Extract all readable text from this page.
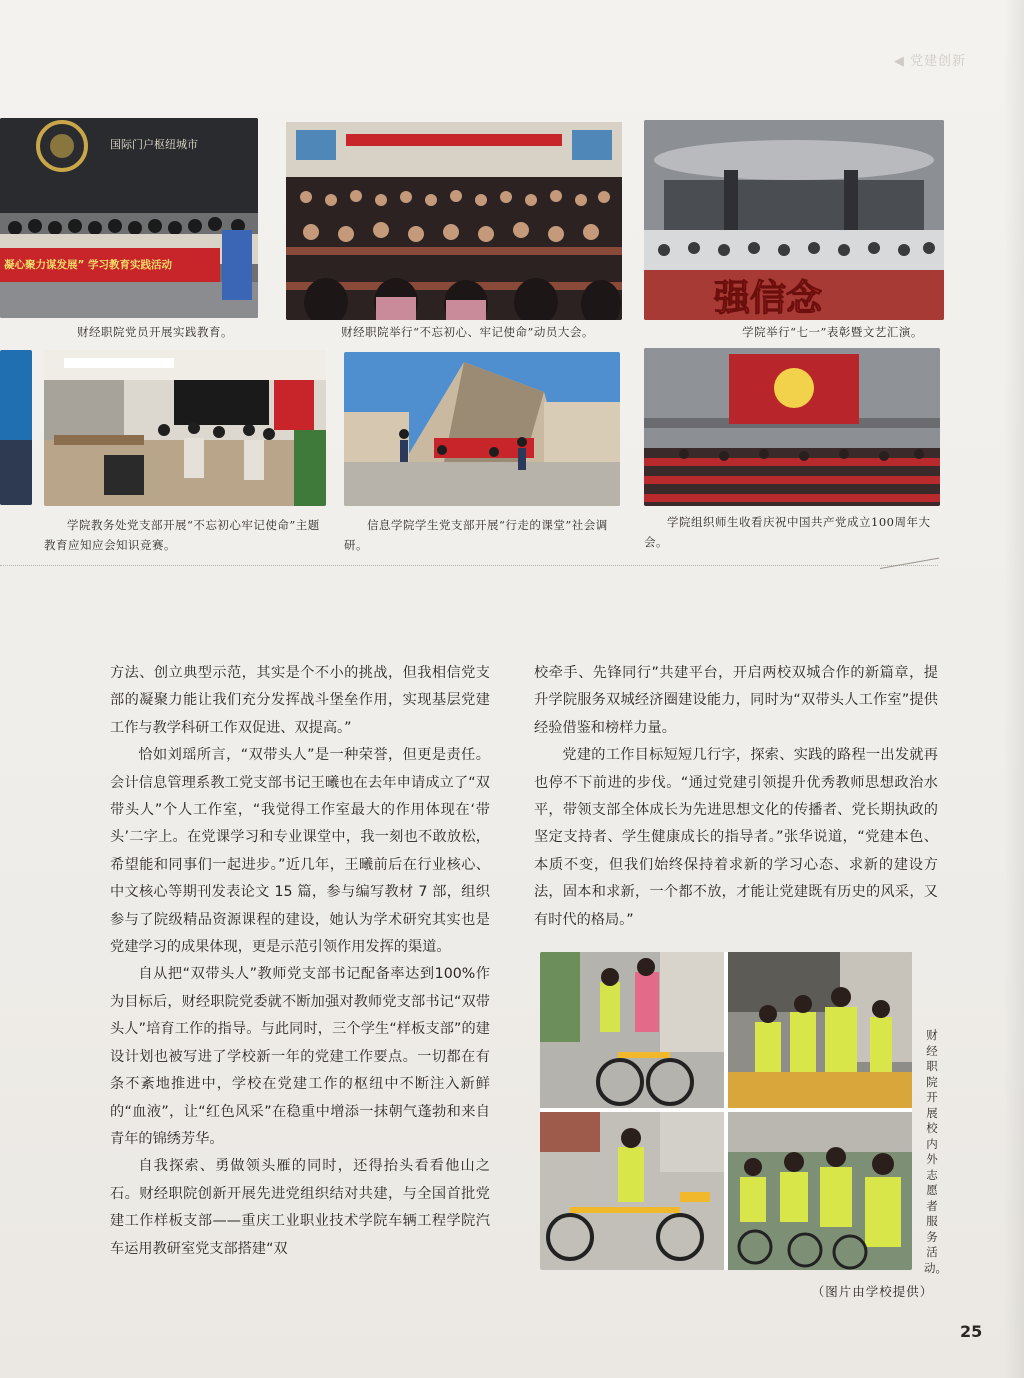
◀ 党建创新
国际门户枢纽城市
凝心聚力谋发展” 学习教育实践活动
财经职院党员开展实践教育。	财经职院举行“不忘初心、牢记使命”动员大会。
强信念
学院举行“七一”表彰暨文艺汇演。
学院教务处党支部开展“不忘初心牢记使命”主题教育应知应会知识竞赛。
信息学院学生党支部开展“行走的课堂”社会调研。
学院组织师生收看庆祝中国共产党成立100周年大会。

方法、创立典型示范，其实是个不小的挑战，但我相信党支部的凝聚力能让我们充分发挥战斗堡垒作用，实现基层党建工作与教学科研工作双促进、双提高。”

恰如刘瑶所言，“双带头人”是一种荣誉，但更是责任。会计信息管理系教工党支部书记王曦也在去年申请成立了“双带头人”个人工作室，“我觉得工作室最大的作用体现在‘带头’二字上。在党课学习和专业课堂中，我一刻也不敢放松，希望能和同事们一起进步。”近几年，王曦前后在行业核心、中文核心等期刊发表论文 15 篇，参与编写教材 7 部，组织参与了院级精品资源课程的建设，她认为学术研究其实也是党建学习的成果体现，更是示范引领作用发挥的渠道。

自从把“双带头人”教师党支部书记配备率达到100%作为目标后，财经职院党委就不断加强对教师党支部书记“双带头人”培育工作的指导。与此同时，三个学生“样板支部”的建设计划也被写进了学校新一年的党建工作要点。一切都在有条不紊地推进中，学校在党建工作的枢纽中不断注入新鲜的“血液”，让“红色风采”在稳重中增添一抹朝气蓬勃和来自青年的锦绣芳华。

自我探索、勇做领头雁的同时，还得抬头看看他山之石。财经职院创新开展先进党组织结对共建，与全国首批党建工作样板支部——重庆工业职业技术学院车辆工程学院汽车运用教研室党支部搭建“双

校牵手、先锋同行”共建平台，开启两校双城合作的新篇章，提升学院服务双城经济圈建设能力，同时为“双带头人工作室”提供经验借鉴和榜样力量。

党建的工作目标短短几行字，探索、实践的路程一出发就再也停不下前进的步伐。“通过党建引领提升优秀教师思想政治水平，带领支部全体成长为先进思想文化的传播者、党长期执政的坚定支持者、学生健康成长的指导者。”张华说道，“党建本色、本质不变，但我们始终保持着求新的学习心态、求新的建设方法，固本和求新，一个都不放，才能让党建既有历史的风采，又有时代的格局。”

财经职院开展校内外志愿者服务活动。
（图片由学校提供）
25
